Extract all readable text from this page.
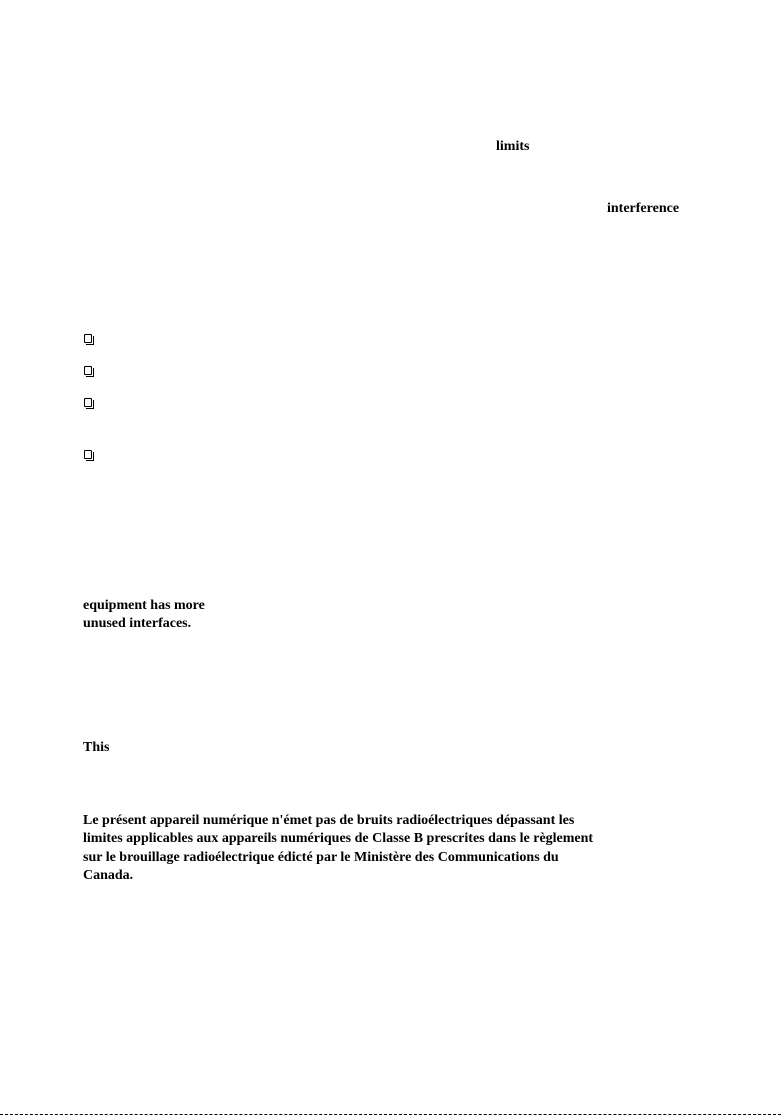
limits
interference
equipment has more
unused interfaces.
This
Le présent appareil numérique n'émet pas de bruits radioélectriques dépassant les
limites applicables aux appareils numériques de Classe B prescrites dans le règlement
sur le brouillage radioélectrique édicté par le Ministère des Communications du
Canada.
